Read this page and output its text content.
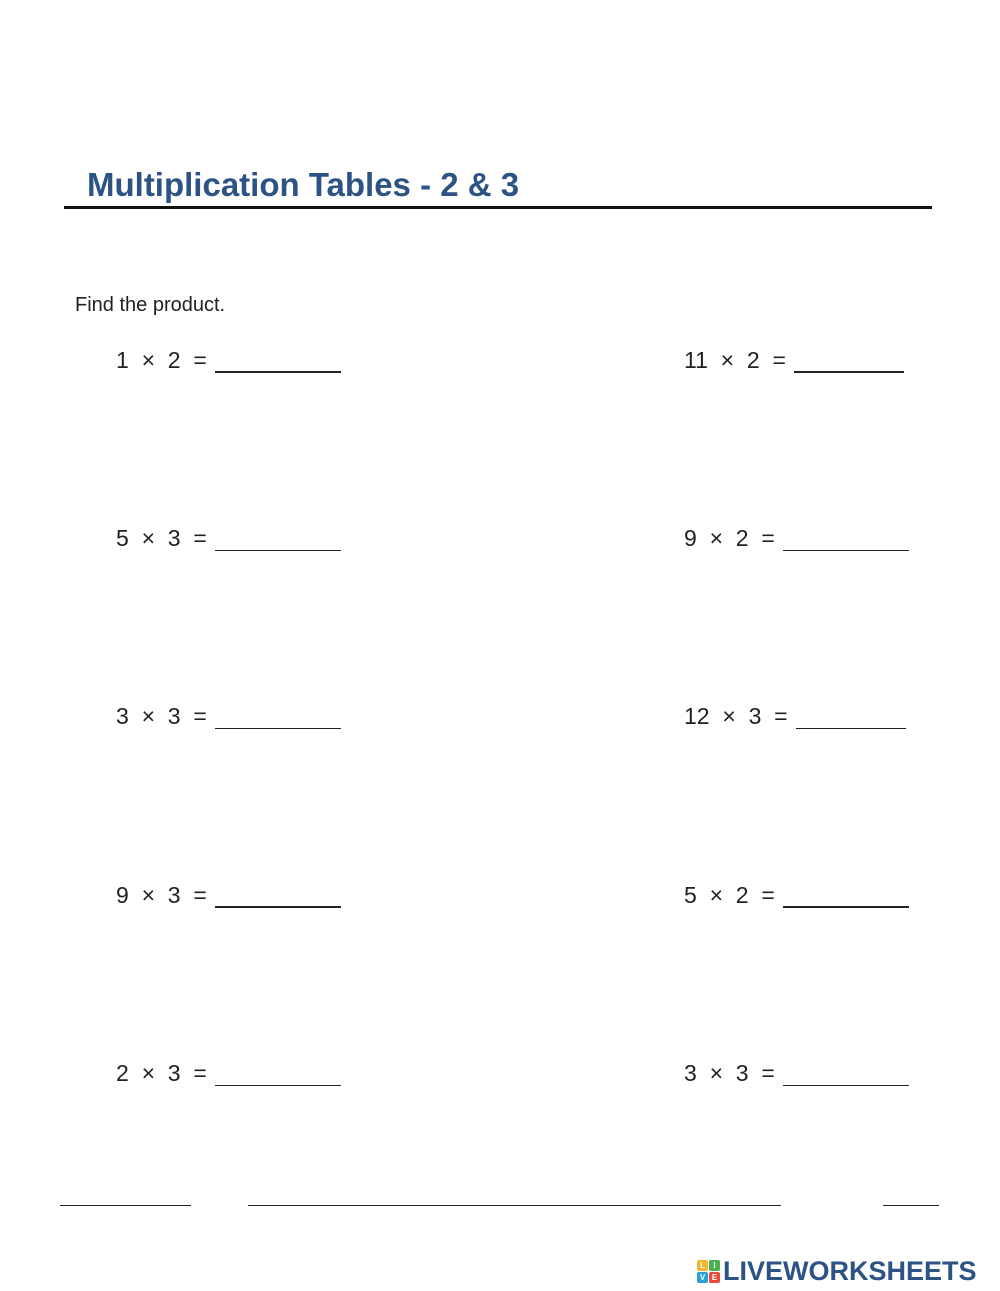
Multiplication Tables - 2 & 3
Find the product.
1  ×  2  =	11  ×  2  =
5  ×  3  =	9  ×  2  =
3  ×  3  =	12  ×  3  =
9  ×  3  =	5  ×  2  =
2  ×  3  =	3  ×  3  =
L	I
V E LIVEWORKSHEETS
